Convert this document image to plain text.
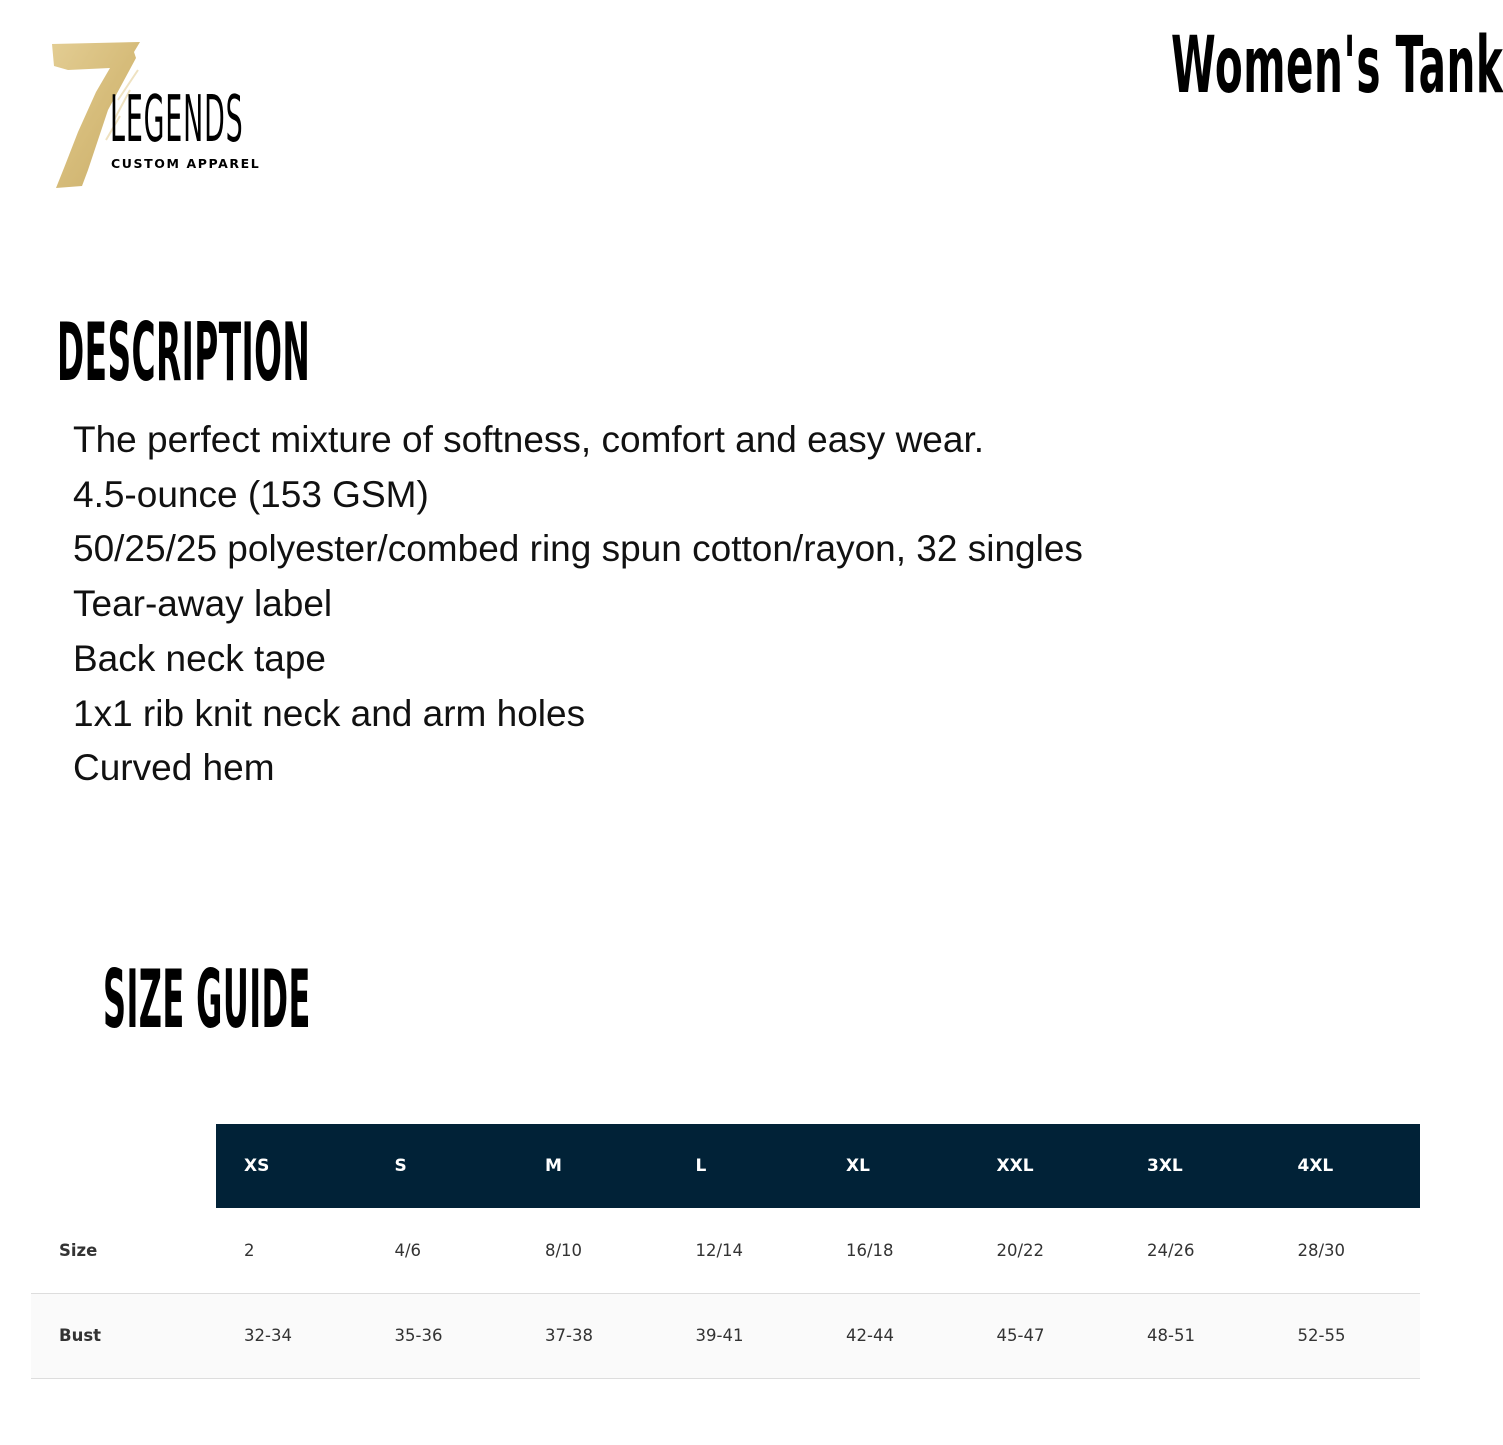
LEGENDS
CUSTOM APPAREL
Women's Tank
DESCRIPTION
The perfect mixture of softness, comfort and easy wear.
4.5-ounce (153 GSM)
50/25/25 polyester/combed ring spun cotton/rayon, 32 singles
Tear-away label
Back neck tape
1x1 rib knit neck and arm holes
Curved hem
SIZE GUIDE
	XS	S	M	L	XL	XXL	3XL	4XL
Size	2	4/6	8/10	12/14	16/18	20/22	24/26	28/30
Bust	32-34	35-36	37-38	39-41	42-44	45-47	48-51	52-55
